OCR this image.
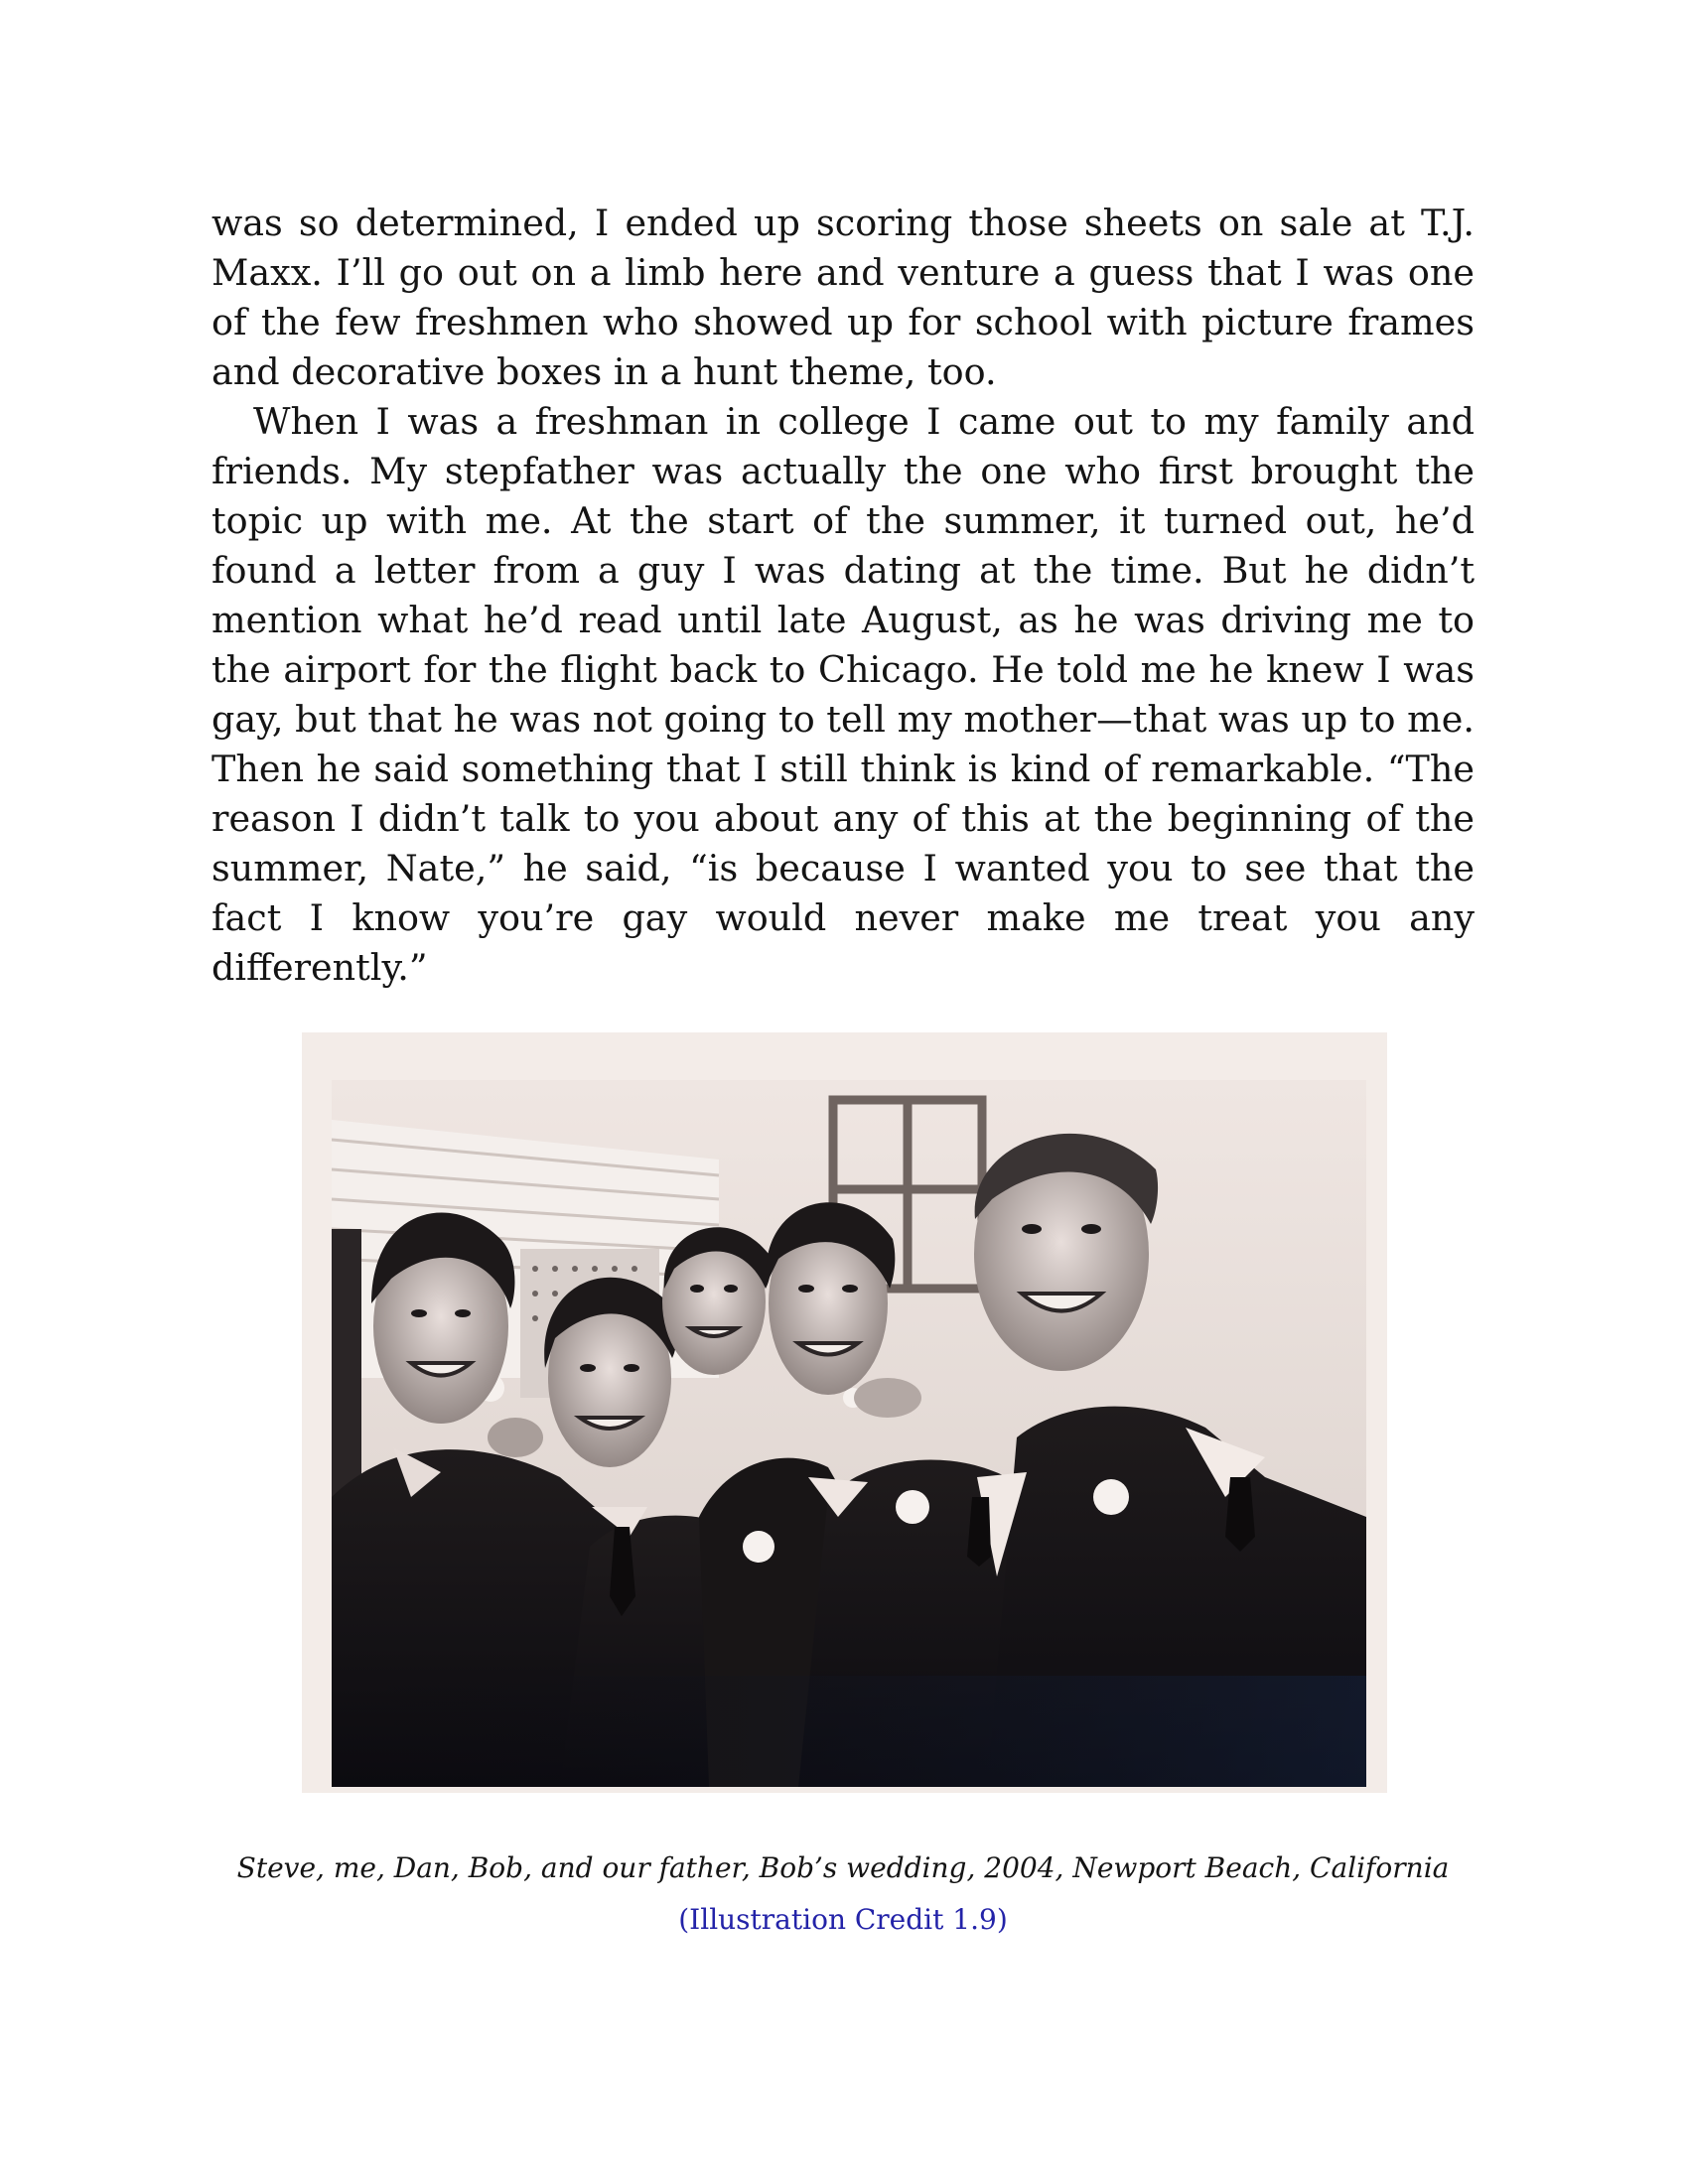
was so determined, I ended up scoring those sheets on sale at T.J. Maxx. I’ll go out on a limb here and venture a guess that I was one of the few freshmen who showed up for school with picture frames and decorative boxes in a hunt theme, too.

When I was a freshman in college I came out to my family and friends. My stepfather was actually the one who first brought the topic up with me. At the start of the summer, it turned out, he’d found a letter from a guy I was dating at the time. But he didn’t mention what he’d read until late August, as he was driving me to the airport for the flight back to Chicago. He told me he knew I was gay, but that he was not going to tell my mother—that was up to me. Then he said something that I still think is kind of remarkable. “The reason I didn’t talk to you about any of this at the beginning of the summer, Nate,” he said, “is because I wanted you to see that the fact I know you’re gay would never make me treat you any differently.”

Steve, me, Dan, Bob, and our father, Bob’s wedding, 2004, Newport Beach, California
(Illustration Credit 1.9)
